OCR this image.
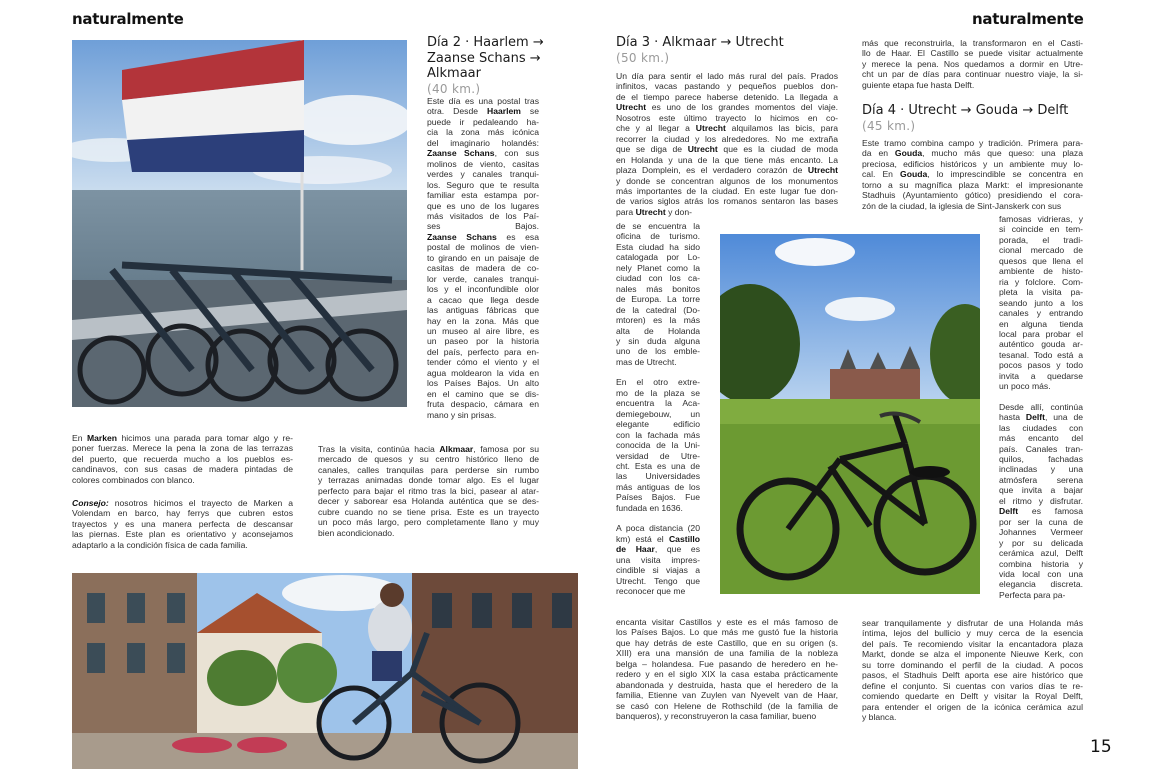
naturalmente	naturalmente
Día 2 · Haarlem →
Zaanse Schans →
Alkmaar
(40 km.)
Este día es una postal tras
otra. Desde Haarlem se
puede ir pedaleando ha-
cia la zona más icónica
del imaginario holandés:
Zaanse Schans, con sus
molinos de viento, casitas
verdes y canales tranqui-
los. Seguro que te resulta
familiar esta estampa por-
que es uno de los lugares
más visitados de los Paí-
ses Bajos.
Zaanse Schans es esa
postal de molinos de vien-
to girando en un paisaje de
casitas de madera de co-
lor verde, canales tranqui-
los y el inconfundible olor
a cacao que llega desde
las antiguas fábricas que
hay en la zona. Más que
un museo al aire libre, es
un paseo por la historia
del país, perfecto para en-
tender cómo el viento y el
agua moldearon la vida en
los Países Bajos. Un alto
en el camino que se dis-
fruta despacio, cámara en
mano y sin prisas.
En Marken hicimos una parada para tomar algo y re-
poner fuerzas. Merece la pena la zona de las terrazas
del puerto, que recuerda mucho a los pueblos es-
candinavos, con sus casas de madera pintadas de
colores combinados con blanco.
Consejo: nosotros hicimos el trayecto de Marken a
Volendam en barco, hay ferrys que cubren estos
trayectos y es una manera perfecta de descansar
las piernas. Este plan es orientativo y aconsejamos
adaptarlo a la condición física de cada familia.
Tras la visita, continúa hacia Alkmaar, famosa por su
mercado de quesos y su centro histórico lleno de
canales, calles tranquilas para perderse sin rumbo
y terrazas animadas donde tomar algo. Es el lugar
perfecto para bajar el ritmo tras la bici, pasear al atar-
decer y saborear esa Holanda auténtica que se des-
cubre cuando no se tiene prisa. Este es un trayecto
un poco más largo, pero completamente llano y muy
bien acondicionado.
Día 3 · Alkmaar → Utrecht
(50 km.)
Un día para sentir el lado más rural del país. Prados
infinitos, vacas pastando y pequeños pueblos don-
de el tiempo parece haberse detenido. La llegada a
Utrecht es uno de los grandes momentos del viaje.
Nosotros este último trayecto lo hicimos en co-
che y al llegar a Utrecht alquilamos las bicis, para
recorrer la ciudad y los alrededores. No me extraña
que se diga de Utrecht que es la ciudad de moda
en Holanda y una de la que tiene más encanto. La
plaza Domplein, es el verdadero corazón de Utrecht
y donde se concentran algunos de los monumentos
más importantes de la ciudad. En este lugar fue don-
de varios siglos atrás los romanos sentaron las bases
para Utrecht y don-
de se encuentra la
oficina de turismo.
Esta ciudad ha sido
catalogada por Lo-
nely Planet como la
ciudad con los ca-
nales más bonitos
de Europa. La torre
de la catedral (Do-
mtoren) es la más
alta de Holanda
y sin duda alguna
uno de los emble-
mas de Utrecht.
En el otro extre-
mo de la plaza se
encuentra la Aca-
demiegebouw, un
elegante edificio
con la fachada más
conocida de la Uni-
versidad de Utre-
cht. Esta es una de
las Universidades
más antiguas de los
Países Bajos. Fue
fundada en 1636.
A poca distancia (20
km) está el Castillo
de Haar, que es
una visita impres-
cindible si viajas a
Utrecht. Tengo que
reconocer que me
encanta visitar Castillos y este es el más famoso de
los Países Bajos. Lo que más me gustó fue la historia
que hay detrás de este Castillo, que en su origen (s.
XIII) era una mansión de una familia de la nobleza
belga – holandesa. Fue pasando de heredero en he-
redero y en el siglo XIX la casa estaba prácticamente
abandonada y destruida, hasta que el heredero de la
familia, Etienne van Zuylen van Nyevelt van de Haar,
se casó con Helene de Rothschild (de la familia de
banqueros), y reconstruyeron la casa familiar, bueno
más que reconstruirla, la transformaron en el Casti-
llo de Haar. El Castillo se puede visitar actualmente
y merece la pena. Nos quedamos a dormir en Utre-
cht un par de días para continuar nuestro viaje, la si-
guiente etapa fue hasta Delft.
Día 4 · Utrecht → Gouda → Delft
(45 km.)
Este tramo combina campo y tradición. Primera para-
da en Gouda, mucho más que queso: una plaza
preciosa, edificios históricos y un ambiente muy lo-
cal. En Gouda, lo imprescindible se concentra en
torno a su magnífica plaza Markt: el impresionante
Stadhuis (Ayuntamiento gótico) presidiendo el cora-
zón de la ciudad, la iglesia de Sint-Janskerk con sus
famosas vidrieras, y
si coincide en tem-
porada, el tradi-
cional mercado de
quesos que llena el
ambiente de histo-
ria y folclore. Com-
pleta la visita pa-
seando junto a los
canales y entrando
en alguna tienda
local para probar el
auténtico gouda ar-
tesanal. Todo está a
pocos pasos y todo
invita a quedarse
un poco más.
Desde allí, continúa
hasta Delft, una de
las ciudades con
más encanto del
país. Canales tran-
quilos, fachadas
inclinadas y una
atmósfera serena
que invita a bajar
el ritmo y disfrutar.
Delft es famosa
por ser la cuna de
Johannes Vermeer
y por su delicada
cerámica azul, Delft
combina historia y
vida local con una
elegancia discreta.
Perfecta para pa-
sear tranquilamente y disfrutar de una Holanda más
íntima, lejos del bullicio y muy cerca de la esencia
del país. Te recomiendo visitar la encantadora plaza
Markt, donde se alza el imponente Nieuwe Kerk, con
su torre dominando el perfil de la ciudad. A pocos
pasos, el Stadhuis Delft aporta ese aire histórico que
define el conjunto. Si cuentas con varios días te re-
comiendo quedarte en Delft y visitar la Royal Delft,
para entender el origen de la icónica cerámica azul
y blanca.
15
